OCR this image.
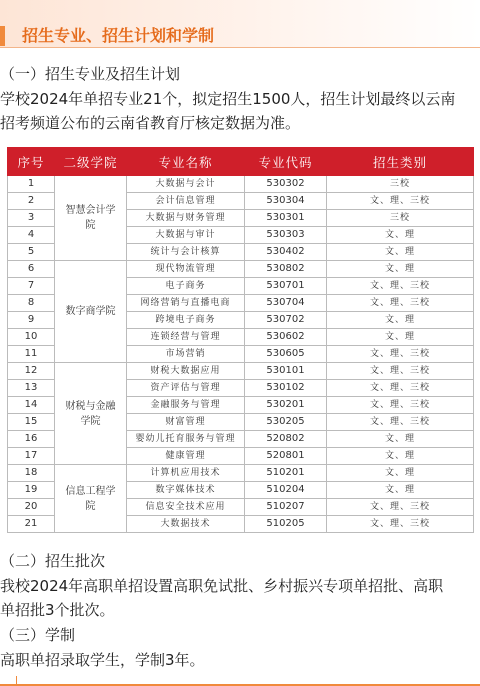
招生专业、招生计划和学制
（一）招生专业及招生计划
学校2024年单招专业21个，拟定招生1500人，招生计划最终以云南
招考频道公布的云南省教育厅核定数据为准。
序号	二级学院	专业名称	专业代码	招生类别
1	智慧会计学院	大数据与会计	530302	三校
2		会计信息管理	530304	文、理、三校
3		大数据与财务管理	530301	三校
4		大数据与审计	530303	文、理
5		统计与会计核算	530402	文、理
6	数字商学院	现代物流管理	530802	文、理
7		电子商务	530701	文、理、三校
8		网络营销与直播电商	530704	文、理、三校
9		跨境电子商务	530702	文、理
10		连锁经营与管理	530602	文、理
11		市场营销	530605	文、理、三校
12	财税与金融学院	财税大数据应用	530101	文、理、三校
13		资产评估与管理	530102	文、理、三校
14		金融服务与管理	530201	文、理、三校
15		财富管理	530205	文、理、三校
16		婴幼儿托育服务与管理	520802	文、理
17		健康管理	520801	文、理
18	信息工程学院	计算机应用技术	510201	文、理
19		数字媒体技术	510204	文、理
20		信息安全技术应用	510207	文、理、三校
21		大数据技术	510205	文、理、三校
（二）招生批次
我校2024年高职单招设置高职免试批、乡村振兴专项单招批、高职
单招批3个批次。
（三）学制
高职单招录取学生，学制3年。
